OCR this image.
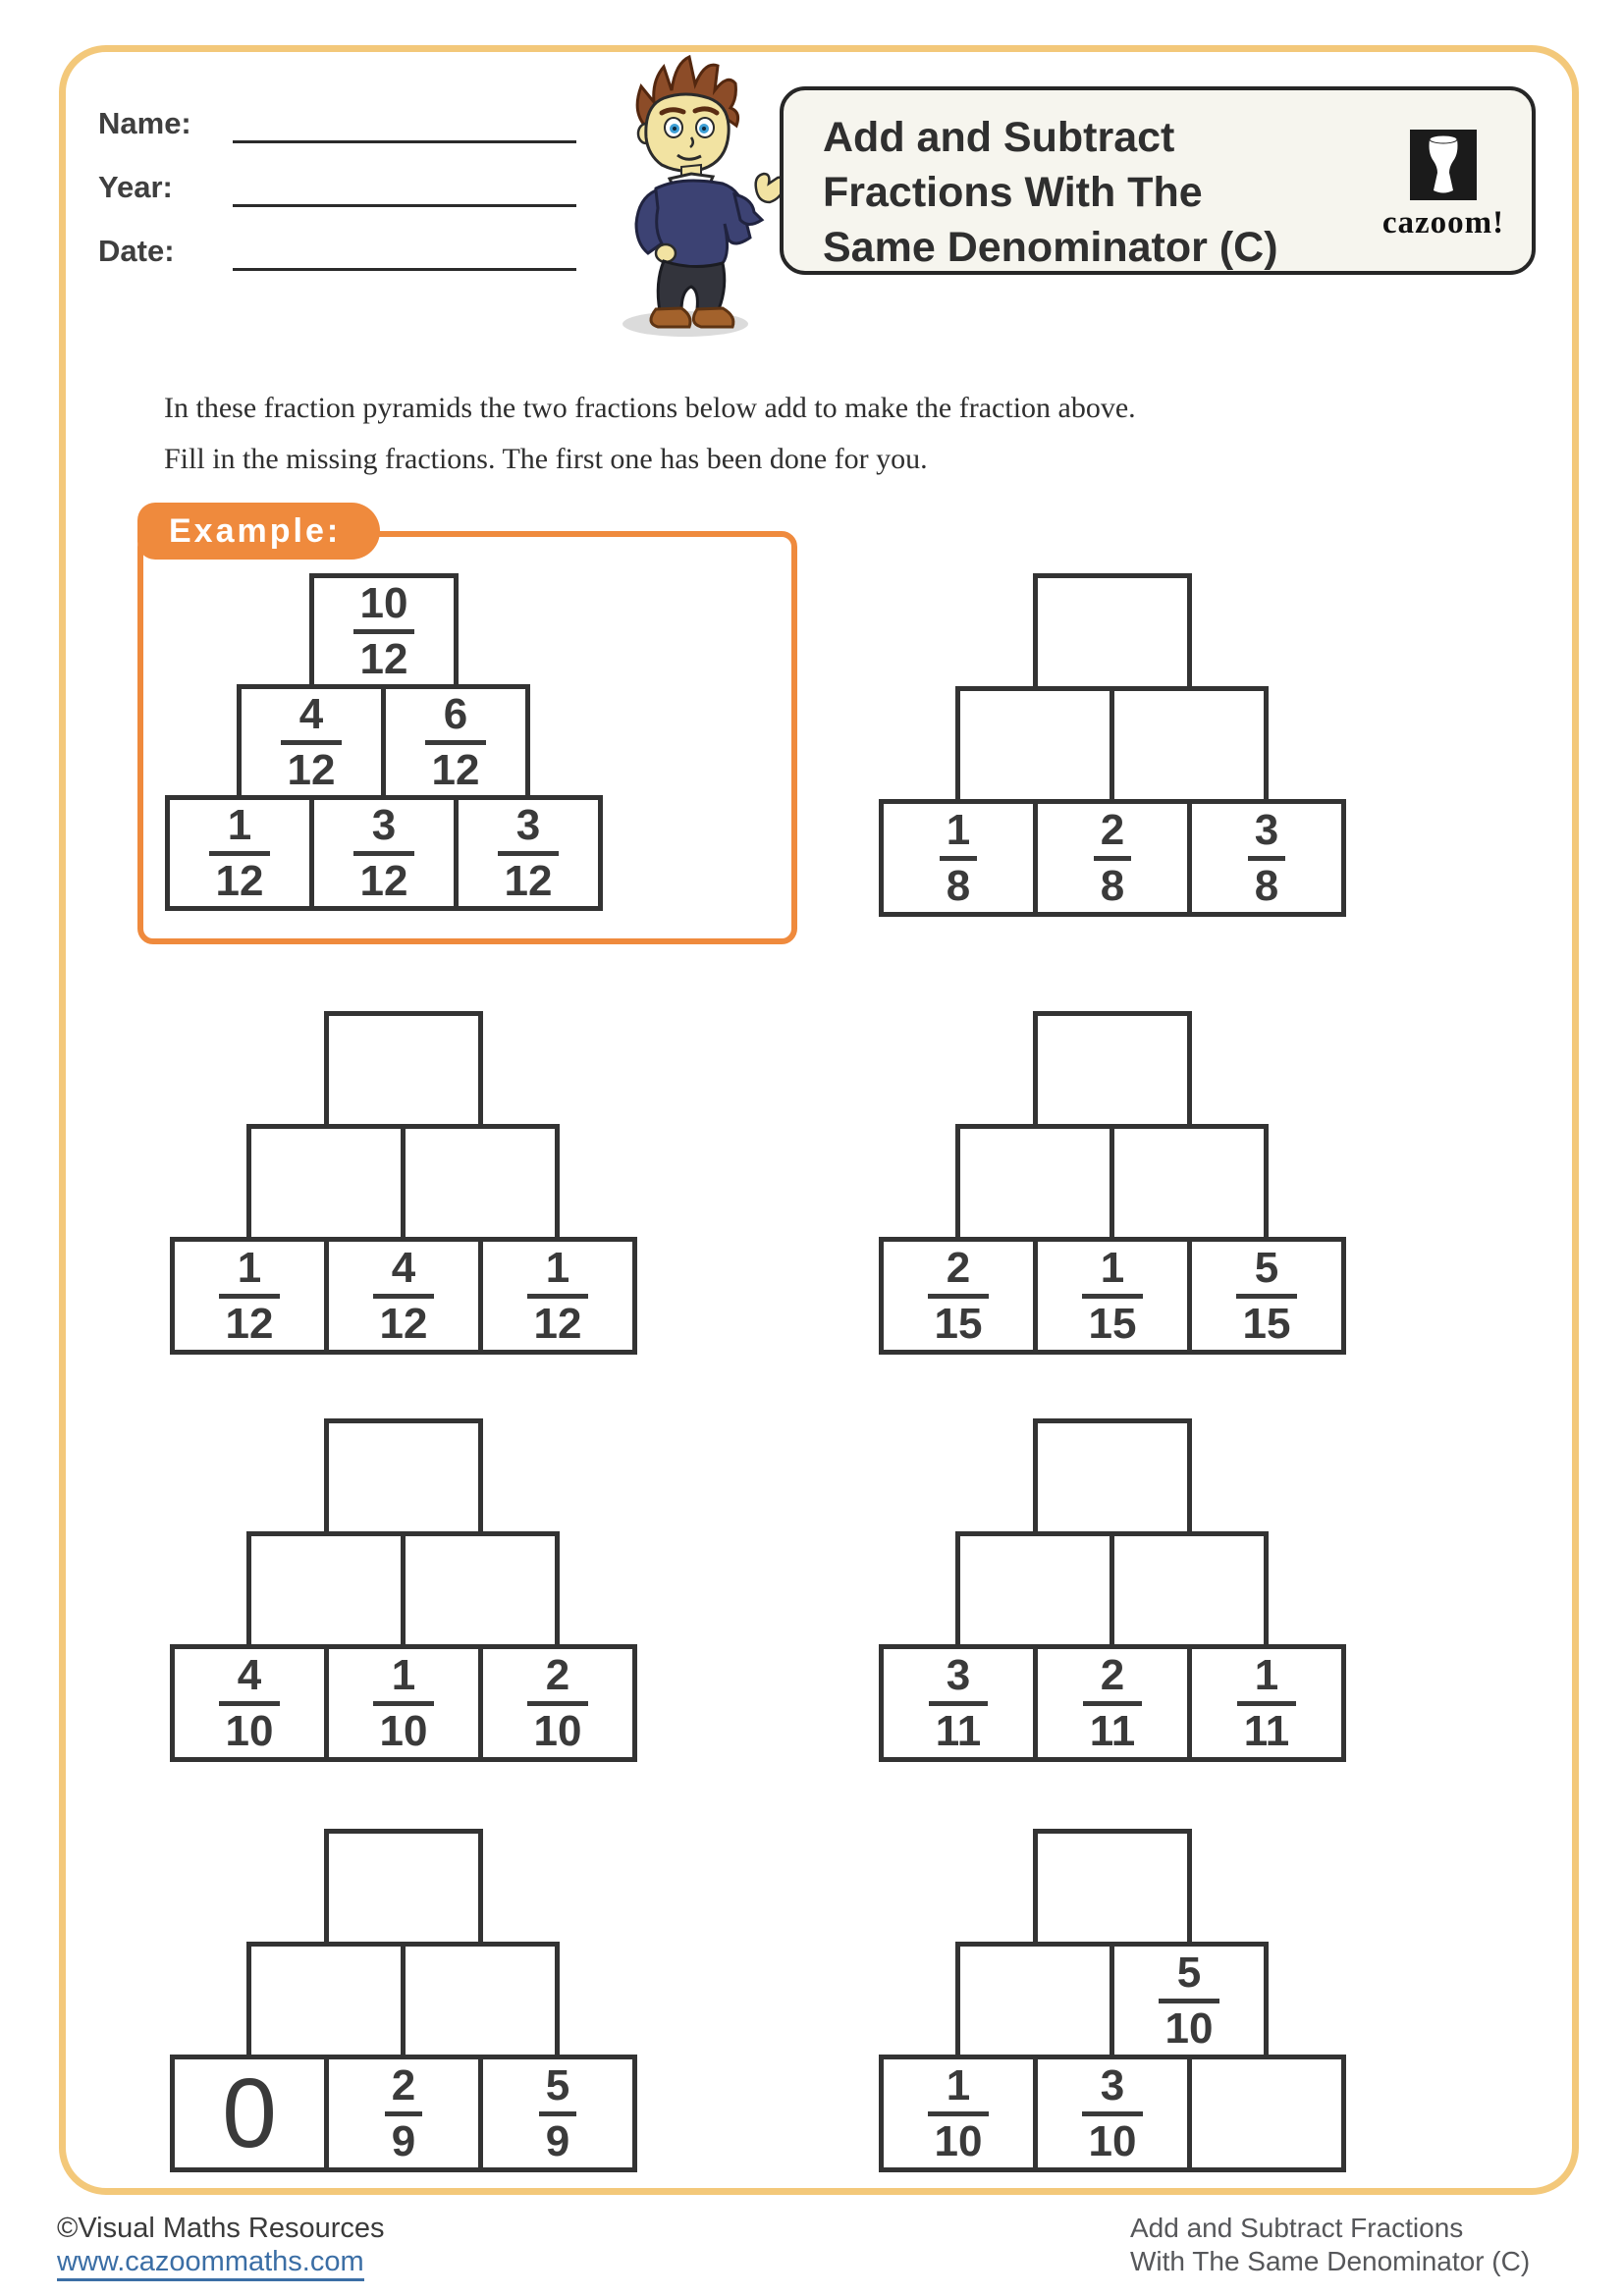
Name:
Year:
Date:
Add and Subtract
Fractions With The
Same Denominator (C)
cazoom!
In these fraction pyramids the two fractions below add to make the fraction above.
Fill in the missing fractions. The first one has been done for you.
Example:
$\frac{10}{12}$
$\frac{4}{12} \frac{6}{12}$
$\frac{1}{12} \frac{3}{12} \frac{3}{12}$	$\frac{1}{8}$	$\frac{2}{8}$	$\frac{3}{8}$
$\frac{1}{12} \frac{4}{12} \frac{1}{12}$	$\frac{2}{15} \frac{1}{15} \frac{5}{15}$
$\frac{4}{10} \frac{1}{10} \frac{2}{10}$	$\frac{3}{11} \frac{2}{11} \frac{1}{11}$
$0 \frac{2}{9}$	$\frac{5}{9}$
$\frac{5}{10}$
$\frac{1}{10} \frac{3}{10}$
©Visual Maths Resources
www.cazoommaths.com
Add and Subtract Fractions
With The Same Denominator (C)
